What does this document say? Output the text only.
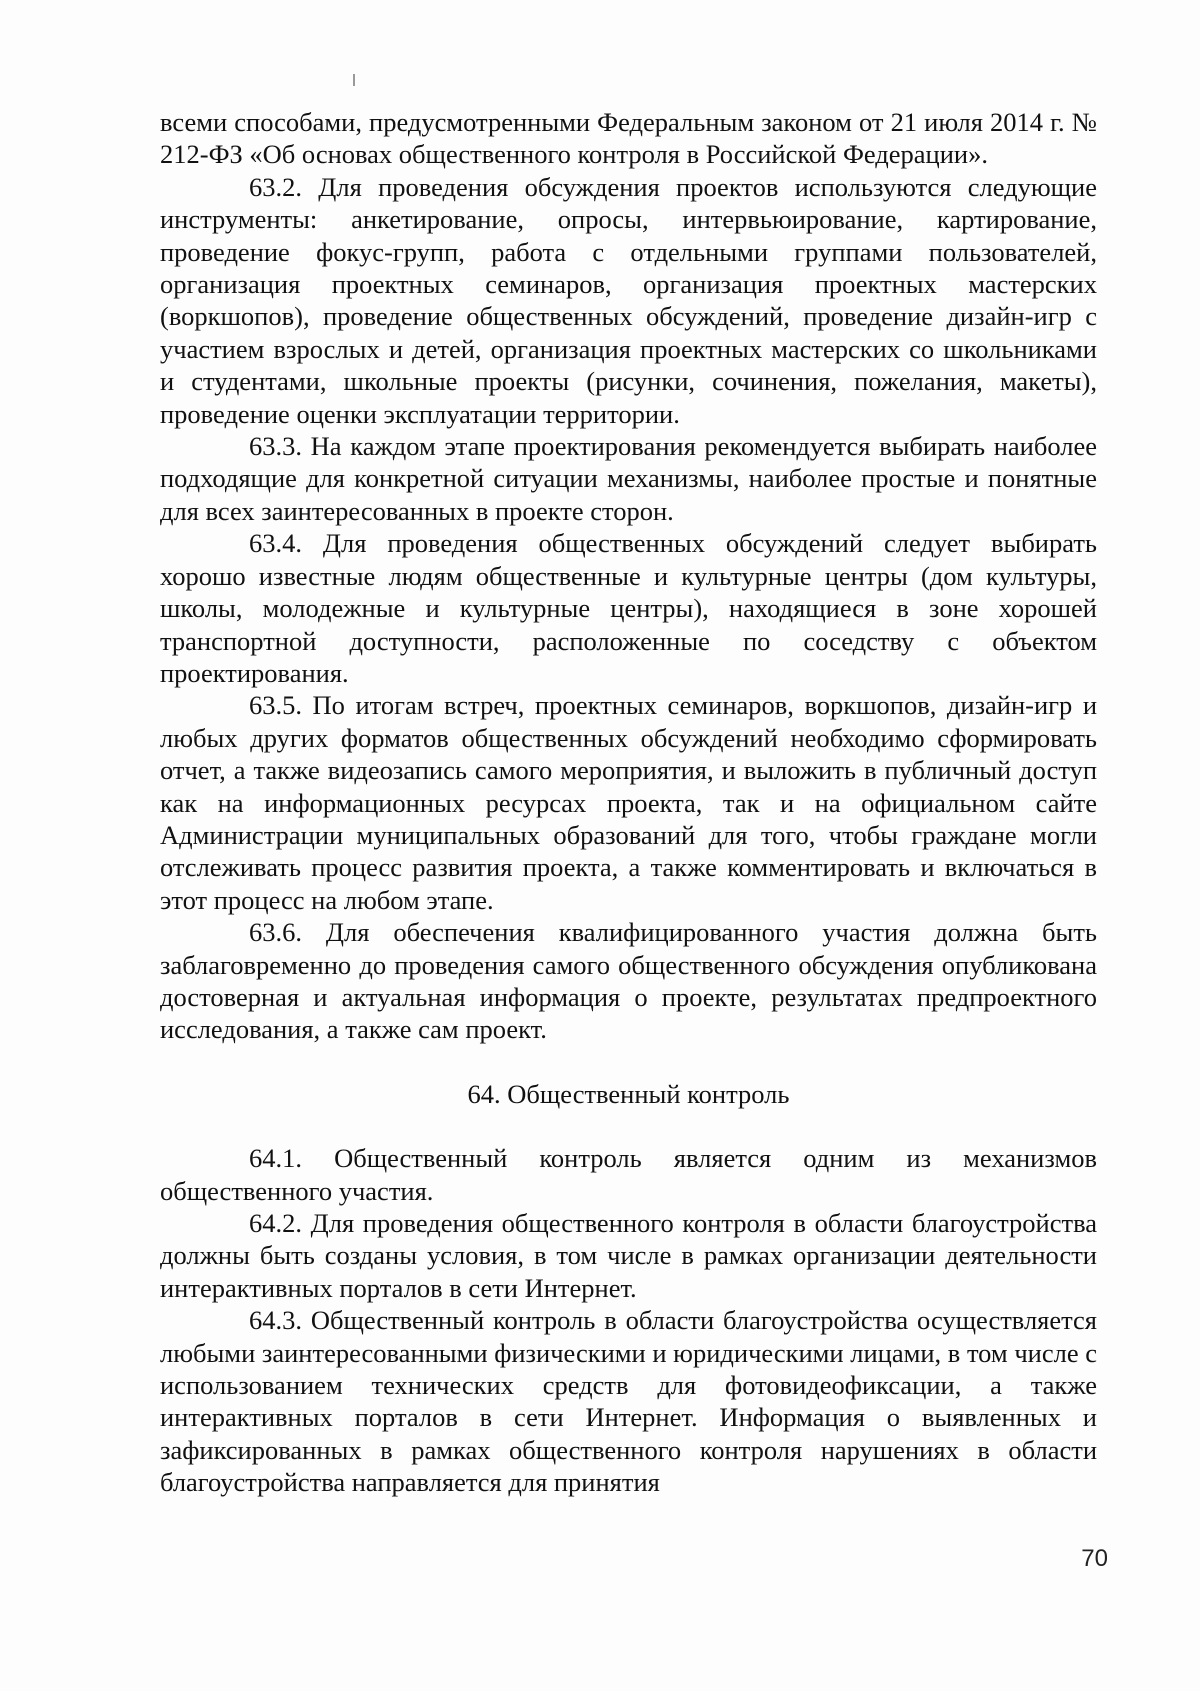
всеми способами, предусмотренными Федеральным законом от 21 июля 2014 г. № 212-ФЗ «Об основах общественного контроля в Российской Федерации».

63.2. Для проведения обсуждения проектов используются следующие инструменты: анкетирование, опросы, интервьюирование, картирование, проведение фокус-групп, работа с отдельными группами пользователей, организация проектных семинаров, организация проектных мастерских (воркшопов), проведение общественных обсуждений, проведение дизайн-игр с участием взрослых и детей, организация проектных мастерских со школьниками и студентами, школьные проекты (рисунки, сочинения, пожелания, макеты), проведение оценки эксплуатации территории.

63.3. На каждом этапе проектирования рекомендуется выбирать наиболее подходящие для конкретной ситуации механизмы, наиболее простые и понятные для всех заинтересованных в проекте сторон.

63.4. Для проведения общественных обсуждений следует выбирать хорошо известные людям общественные и культурные центры (дом культуры, школы, молодежные и культурные центры), находящиеся в зоне хорошей транспортной доступности, расположенные по соседству с объектом проектирования.

63.5. По итогам встреч, проектных семинаров, воркшопов, дизайн-игр и любых других форматов общественных обсуждений необходимо сформировать отчет, а также видеозапись самого мероприятия, и выложить в публичный доступ как на информационных ресурсах проекта, так и на официальном сайте Администрации муниципальных образований для того, чтобы граждане могли отслеживать процесс развития проекта, а также комментировать и включаться в этот процесс на любом этапе.

63.6. Для обеспечения квалифицированного участия должна быть заблаговременно до проведения самого общественного обсуждения опубликована достоверная и актуальная информация о проекте, результатах предпроектного исследования, а также сам проект.

64. Общественный контроль

64.1. Общественный контроль является одним из механизмов общественного участия.

64.2. Для проведения общественного контроля в области благоустройства должны быть созданы условия, в том числе в рамках организации деятельности интерактивных порталов в сети Интернет.

64.3. Общественный контроль в области благоустройства осуществляется любыми заинтересованными физическими и юридическими лицами, в том числе с использованием технических средств для фотовидеофиксации, а также интерактивных порталов в сети Интернет. Информация о выявленных и зафиксированных в рамках общественного контроля нарушениях в области благоустройства направляется для принятия

70
